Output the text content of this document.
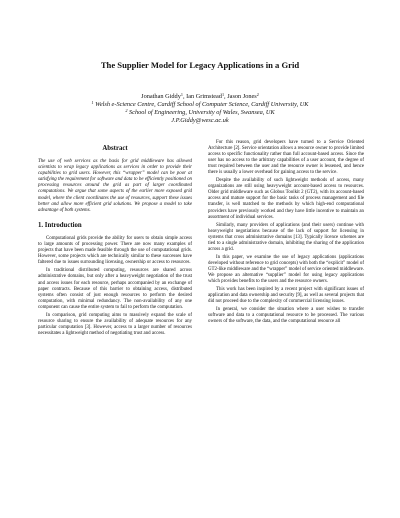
The Supplier Model for Legacy Applications in a Grid
Jonathan Giddy$^1$, Ian Grimstead$^1$, Jason Jones$^2$
$^1$ Welsh e-Science Centre, Cardiff School of Computer Science, Cardiff University, UK
$^2$ School of Engineering, University of Wales, Swansea, UK
J.P.Giddy@wesc.ac.uk
Abstract

The use of web services as the basis for grid middleware has allowed scientists to wrap legacy applications as services in order to provide their capabilities to grid users. However, this “wrapper” model can be poor at satisfying the requirement for software and data to be efficiently positioned on processing resources around the grid as part of larger coordinated computations. We argue that some aspects of the earlier more exposed grid model, where the client coordinates the use of resources, support these issues better and allow more efficient grid solutions. We propose a model to take advantage of both systems.

1. Introduction

Computational grids provide the ability for users to obtain simple access to large amounts of processing power. There are now many examples of projects that have been made feasible through the use of computational grids. However, some projects which are technically similar to these successes have faltered due to issues surrounding licensing, ownership or access to resources.

In traditional distributed computing, resources are shared across administrative domains, but only after a heavyweight negotiation of the trust and access issues for each resource, perhaps accompanied by an exchange of paper contracts. Because of this barrier to obtaining access, distributed systems often consist of just enough resources to perform the desired computation, with minimal redundancy. The non-availability of any one component can cause the entire system to fail to perform the computation.

In comparison, grid computing aims to massively expand the scale of resource sharing to ensure the availability of adequate resources for any particular computation [3]. However, access to a larger number of resources necessitates a lightweight method of negotiating trust and access.

For this reason, grid developers have turned to a Service Oriented Architecture [2]. Service orientation allows a resource owner to provide limited access to specific functionality rather than full account-based access. Since the user has no access to the arbitrary capabilities of a user account, the degree of trust required between the user and the resource owner is lessened, and hence there is usually a lower overhead for gaining access to the service.

Despite the availability of such lightweight methods of access, many organizations are still using heavyweight account-based access to resources. Older grid middleware such as Globus Toolkit 2 (GT2), with its account-based access and mature support for the basic tasks of process management and file transfer, is well matched to the methods by which high-end computational providers have previously worked and they have little incentive to maintain an assortment of individual services.

Similarly, many providers of applications (and their users) continue with heavyweight negotiations because of the lack of support for licensing in systems that cross administrative domains [13]. Typically licence schemes are tied to a single administrative domain, inhibiting the sharing of the application across a grid.

In this paper, we examine the use of legacy applications (applications developed without reference to grid concepts) with both the “explicit” model of GT2-like middleware and the “wrapper” model of service oriented middleware. We propose an alternative “supplier” model for using legacy applications which provides benefits to the users and the resource owners.

This work has been inspired by a recent project with significant issues of application and data ownership and security [9], as well as several projects that did not proceed due to the complexity of commercial licensing issues.

In general, we consider the situation where a user wishes to transfer software and data to a computational resource to be processed. The various owners of the software, the data, and the computational resource all
